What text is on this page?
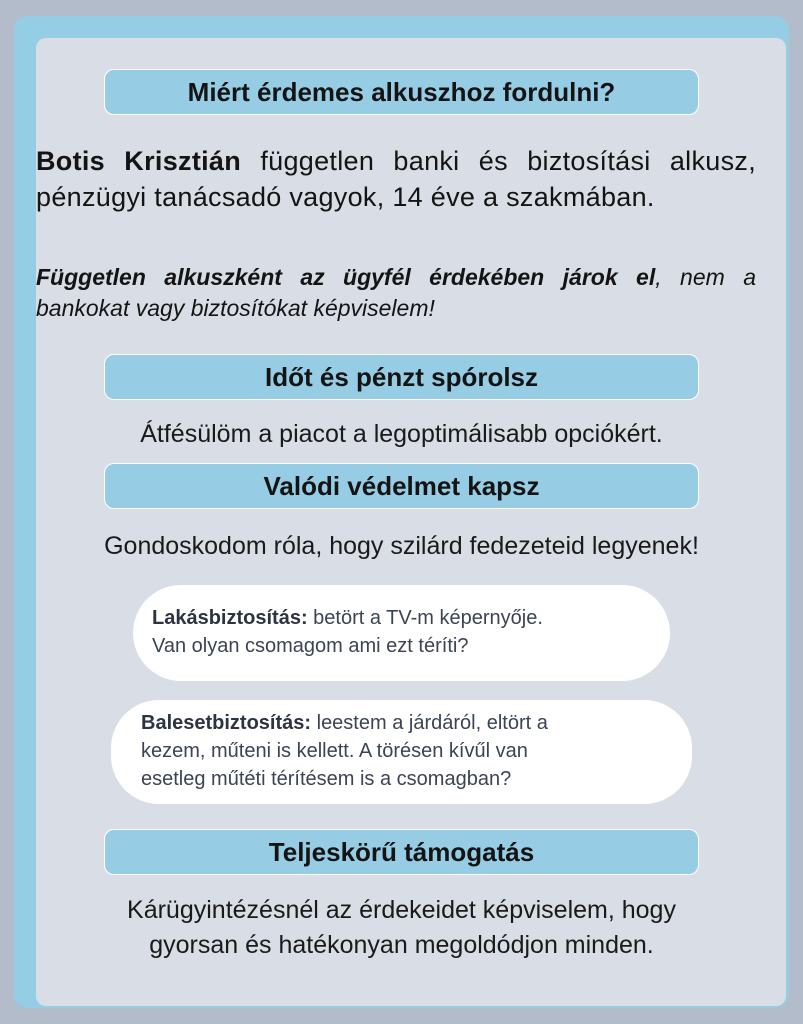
Miért érdemes alkuszhoz fordulni?
Botis Krisztián független banki és biztosítási alkusz, pénzügyi tanácsadó vagyok, 14 éve a szakmában.
Független alkuszként az ügyfél érdekében járok el, nem a bankokat vagy biztosítókat képviselem!
Időt és pénzt spórolsz
Átfésülöm a piacot a legoptimálisabb opciókért.
Valódi védelmet kapsz
Gondoskodom róla, hogy szilárd fedezeteid legyenek!
Lakásbiztosítás: betört a TV-m képernyője.
Van olyan csomagom ami ezt téríti?
Balesetbiztosítás: leestem a járdáról, eltört a
kezem, műteni is kellett. A törésen kívűl van
esetleg műtéti térítésem is a csomagban?
Teljeskörű támogatás
Kárügyintézésnél az érdekeidet képviselem, hogy
gyorsan és hatékonyan megoldódjon minden.
